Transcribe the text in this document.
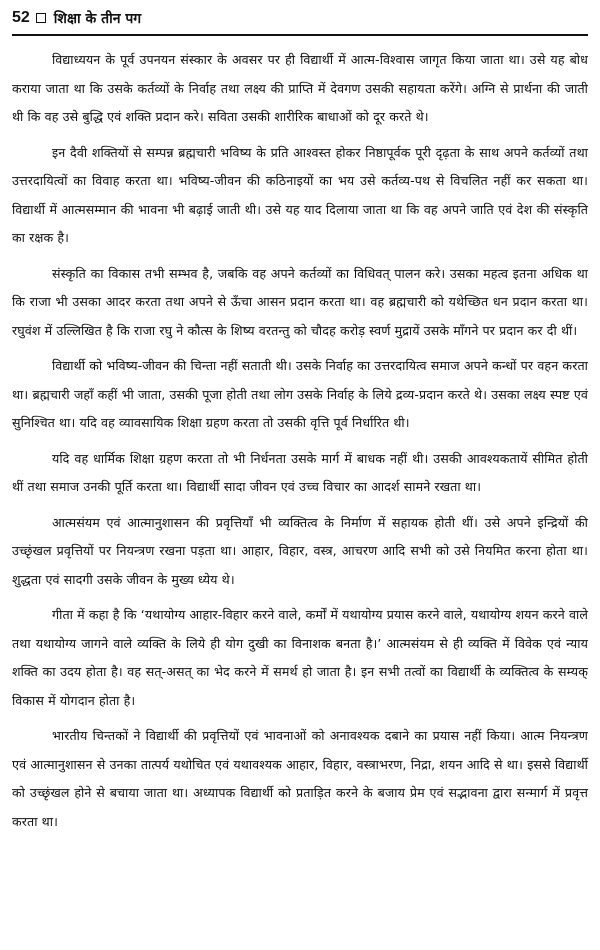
52 शिक्षा के तीन पग

विद्याध्ययन के पूर्व उपनयन संस्कार के अवसर पर ही विद्यार्थी में आत्म-विश्वास जागृत किया जाता था। उसे यह बोध कराया जाता था कि उसके कर्तव्यों के निर्वाह तथा लक्ष्य की प्राप्ति में देवगण उसकी सहायता करेंगे। अग्नि से प्रार्थना की जाती थी कि वह उसे बुद्धि एवं शक्ति प्रदान करे। सविता उसकी शारीरिक बाधाओं को दूर करते थे।

इन दैवी शक्तियों से सम्पन्न ब्रह्मचारी भविष्य के प्रति आश्वस्त होकर निष्ठापूर्वक पूरी दृढ़ता के साथ अपने कर्तव्यों तथा उत्तरदायित्वों का विवाह करता था। भविष्य-जीवन की कठिनाइयों का भय उसे कर्तव्य-पथ से विचलित नहीं कर सकता था। विद्यार्थी में आत्मसम्मान की भावना भी बढ़ाई जाती थी। उसे यह याद दिलाया जाता था कि वह अपने जाति एवं देश की संस्कृति का रक्षक है।

संस्कृति का विकास तभी सम्भव है, जबकि वह अपने कर्तव्यों का विधिवत् पालन करे। उसका महत्व इतना अधिक था कि राजा भी उसका आदर करता तथा अपने से ऊँचा आसन प्रदान करता था। वह ब्रह्मचारी को यथेच्छित धन प्रदान करता था। रघुवंश में उल्लिखित है कि राजा रघु ने कौत्स के शिष्य वरतन्तु को चौदह करोड़ स्वर्ण मुद्रायें उसके माँगने पर प्रदान कर दी थीं।

विद्यार्थी को भविष्य-जीवन की चिन्ता नहीं सताती थी। उसके निर्वाह का उत्तरदायित्व समाज अपने कन्धों पर वहन करता था। ब्रह्मचारी जहाँ कहीं भी जाता, उसकी पूजा होती तथा लोग उसके निर्वाह के लिये द्रव्य-प्रदान करते थे। उसका लक्ष्य स्पष्ट एवं सुनिश्चित था। यदि वह व्यावसायिक शिक्षा ग्रहण करता तो उसकी वृत्ति पूर्व निर्धारित थी।

यदि वह धार्मिक शिक्षा ग्रहण करता तो भी निर्धनता उसके मार्ग में बाधक नहीं थी। उसकी आवश्यकतायें सीमित होती थीं तथा समाज उनकी पूर्ति करता था। विद्यार्थी सादा जीवन एवं उच्च विचार का आदर्श सामने रखता था।

आत्मसंयम एवं आत्मानुशासन की प्रवृत्तियाँ भी व्यक्तित्व के निर्माण में सहायक होती थीं। उसे अपने इन्द्रियों की उच्छृंखल प्रवृत्तियों पर नियन्त्रण रखना पड़ता था। आहार, विहार, वस्त्र, आचरण आदि सभी को उसे नियमित करना होता था। शुद्धता एवं सादगी उसके जीवन के मुख्य ध्येय थे।

गीता में कहा है कि ‘यथायोग्य आहार-विहार करने वाले, कर्मों में यथायोग्य प्रयास करने वाले, यथायोग्य शयन करने वाले तथा यथायोग्य जागने वाले व्यक्ति के लिये ही योग दुखी का विनाशक बनता है।’ आत्मसंयम से ही व्यक्ति में विवेक एवं न्याय शक्ति का उदय होता है। वह सत्-असत् का भेद करने में समर्थ हो जाता है। इन सभी तत्वों का विद्यार्थी के व्यक्तित्व के सम्यक् विकास में योगदान होता है।

भारतीय चिन्तकों ने विद्यार्थी की प्रवृत्तियों एवं भावनाओं को अनावश्यक दबाने का प्रयास नहीं किया। आत्म नियन्त्रण एवं आत्मानुशासन से उनका तात्पर्य यथोचित एवं यथावश्यक आहार, विहार, वस्त्राभरण, निद्रा, शयन आदि से था। इससे विद्यार्थी को उच्छृंखल होने से बचाया जाता था। अध्यापक विद्यार्थी को प्रताड़ित करने के बजाय प्रेम एवं सद्भावना द्वारा सन्मार्ग में प्रवृत्त करता था।
